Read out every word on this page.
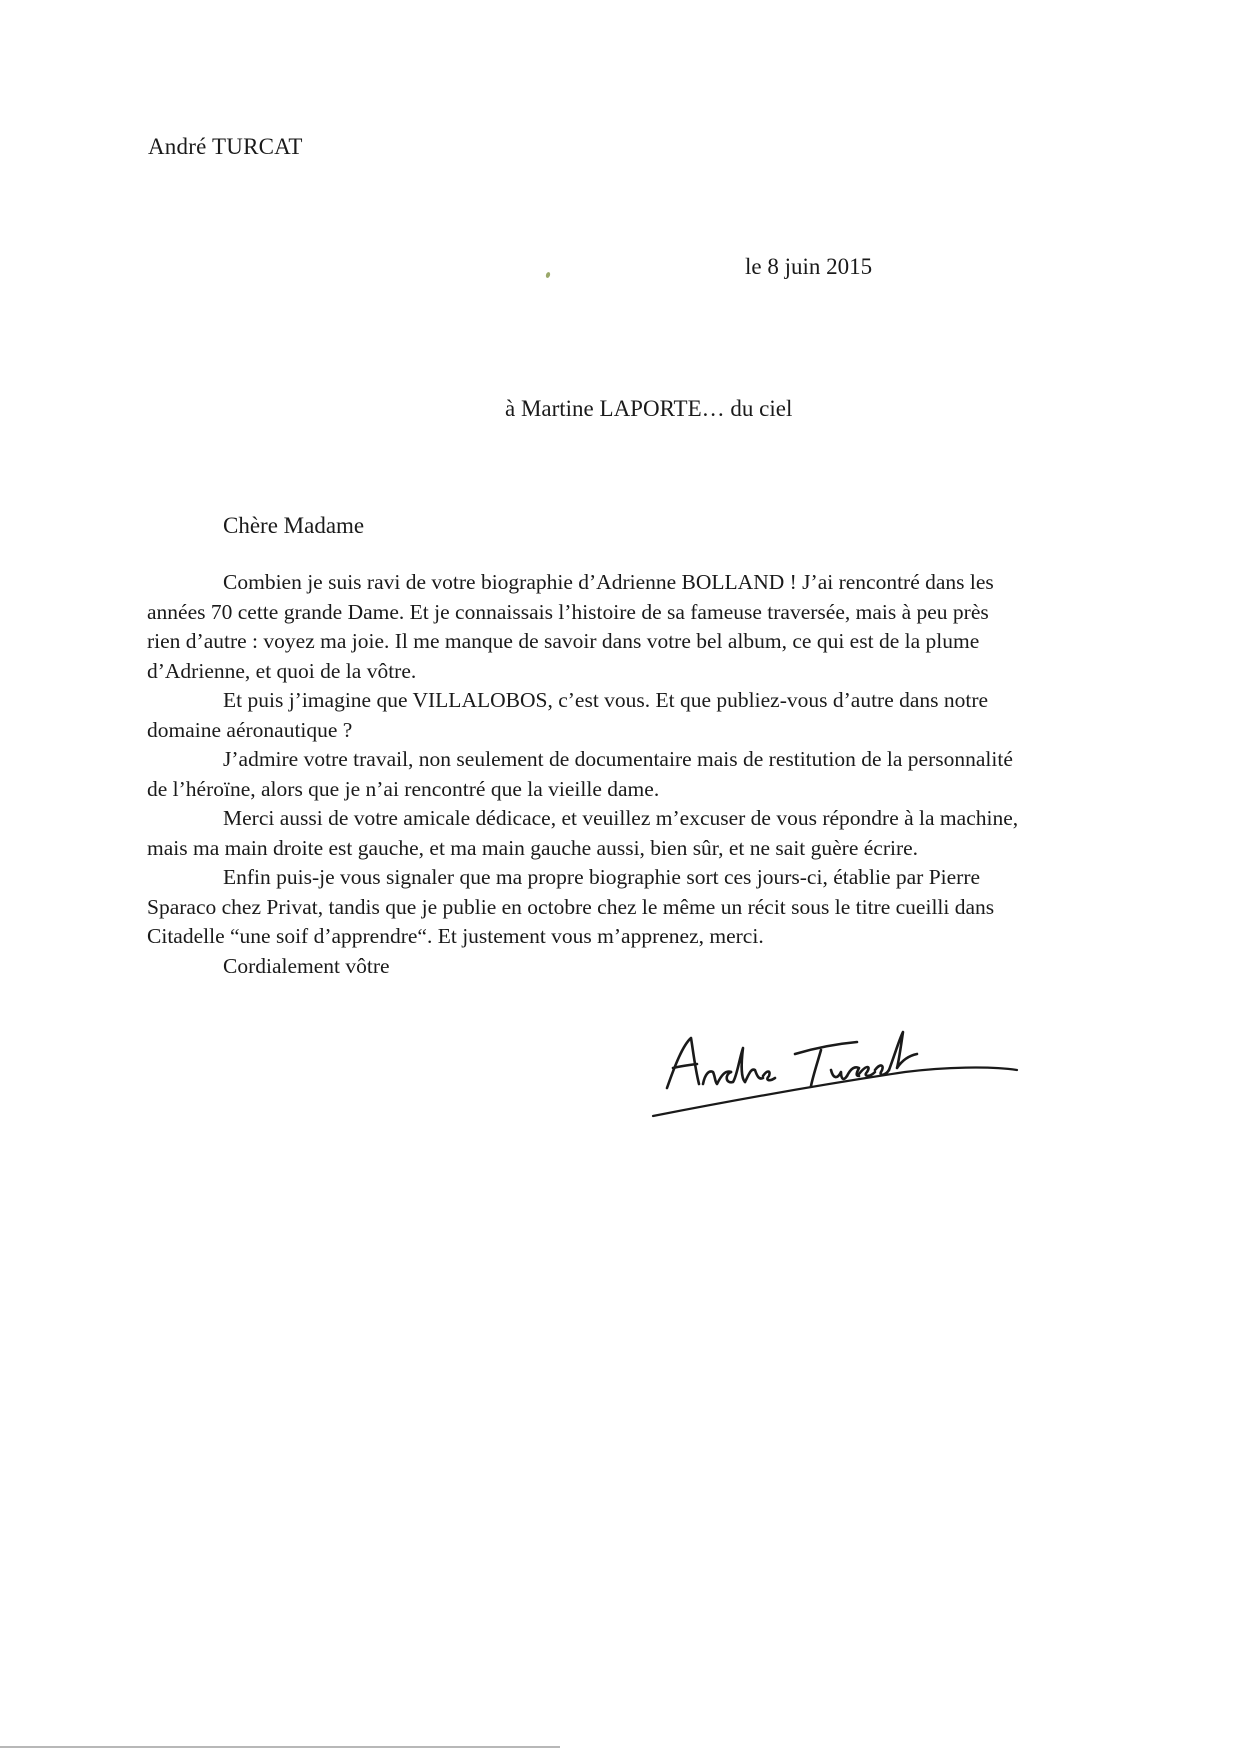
André TURCAT
le 8 juin 2015
à Martine LAPORTE… du ciel
Chère Madame

Combien je suis ravi de votre biographie d’Adrienne BOLLAND ! J’ai rencontré dans les années 70 cette grande Dame. Et je connaissais l’histoire de sa fameuse traversée, mais à peu près rien d’autre : voyez ma joie. Il me manque de savoir dans votre bel album, ce qui est de la plume d’Adrienne, et quoi de la vôtre.

Et puis j’imagine que VILLALOBOS, c’est vous. Et que publiez-vous d’autre dans notre domaine aéronautique ?

J’admire votre travail, non seulement de documentaire mais de restitution de la personnalité de l’héroïne, alors que je n’ai rencontré que la vieille dame.

Merci aussi de votre amicale dédicace, et veuillez m’excuser de vous répondre à la machine, mais ma main droite est gauche, et ma main gauche aussi, bien sûr, et ne sait guère écrire.

Enfin puis-je vous signaler que ma propre biographie sort ces jours-ci, établie par Pierre Sparaco chez Privat, tandis que je publie en octobre chez le même un récit sous le titre cueilli dans Citadelle “une soif d’apprendre“. Et justement vous m’apprenez, merci.

Cordialement vôtre
